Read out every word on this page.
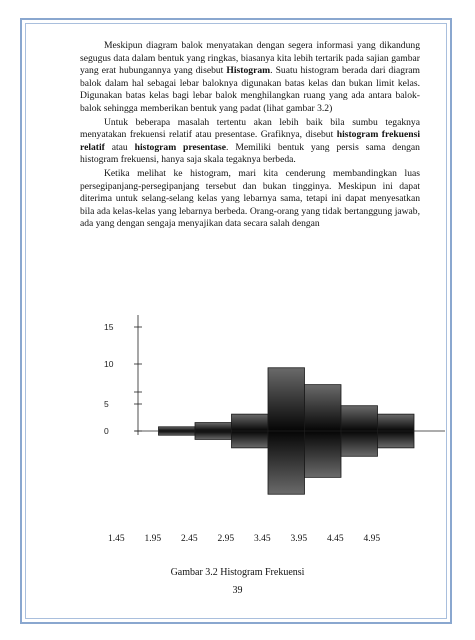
Meskipun diagram balok menyatakan dengan segera informasi yang dikandung segugus data dalam bentuk yang ringkas, biasanya kita lebih tertarik pada sajian gambar yang erat hubungannya yang disebut Histogram. Suatu histogram berada dari diagram balok dalam hal sebagai lebar baloknya digunakan batas kelas dan bukan limit kelas. Digunakan batas kelas bagi lebar balok menghilangkan ruang yang ada antara balok-balok sehingga memberikan bentuk yang padat (lihat gambar 3.2)

Untuk beberapa masalah tertentu akan lebih baik bila sumbu tegaknya menyatakan frekuensi relatif atau presentase. Grafiknya, disebut histogram frekuensi relatif atau histogram presentase. Memiliki bentuk yang persis sama dengan histogram frekuensi, hanya saja skala tegaknya berbeda.

Ketika melihat ke histogram, mari kita cenderung membandingkan luas persegipanjang-persegipanjang tersebut dan bukan tingginya. Meskipun ini dapat diterima untuk selang-selang kelas yang lebarnya sama, tetapi ini dapat menyesatkan bila ada kelas-kelas yang lebarnya berbeda. Orang-orang yang tidak bertanggung jawab, ada yang dengan sengaja menyajikan data secara salah dengan

15
10
5
0
1.45 1.95 2.45 2.95 3.45 3.95 4.45 4.95
Gambar 3.2 Histogram Frekuensi
39
